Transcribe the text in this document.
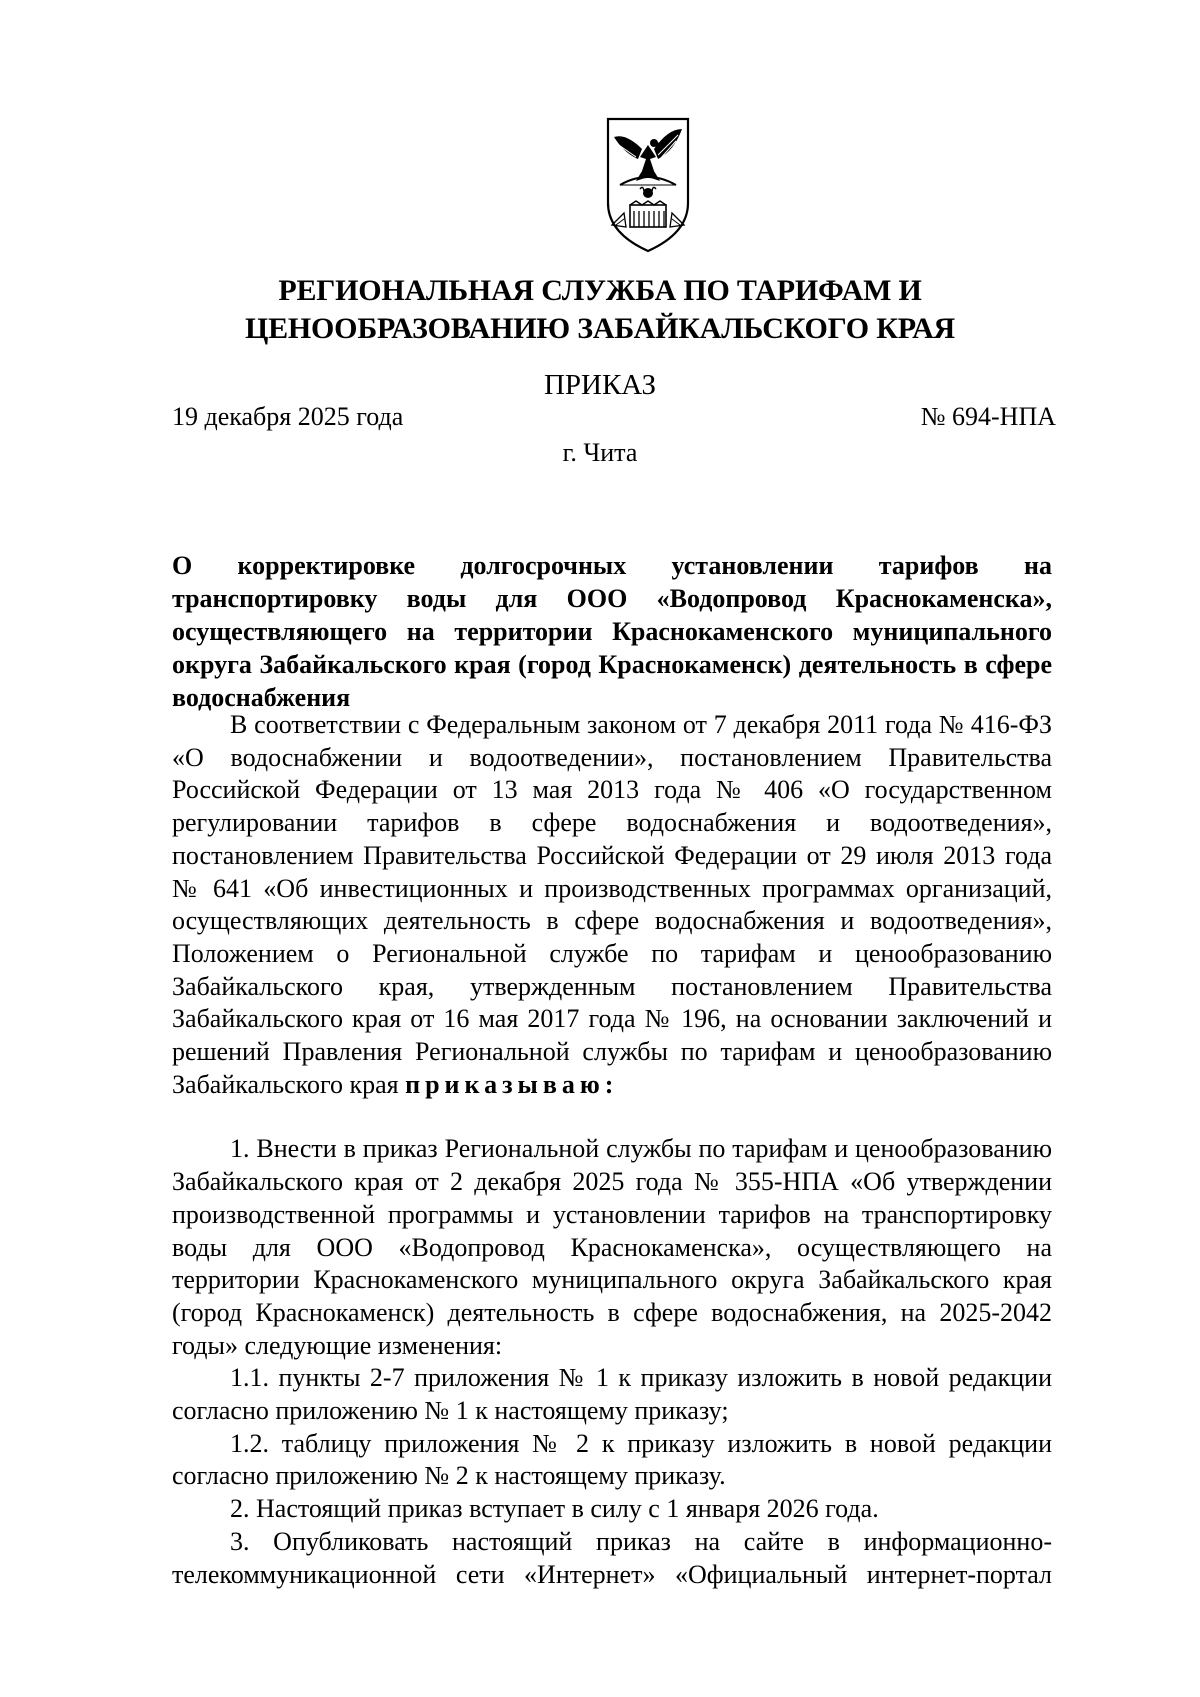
РЕГИОНАЛЬНАЯ СЛУЖБА ПО ТАРИФАМ И
ЦЕНООБРАЗОВАНИЮ ЗАБАЙКАЛЬСКОГО КРАЯ
ПРИКАЗ
19 декабря 2025 года	№ 694-НПА
г. Чита
О корректировке долгосрочных установлении тарифов на транспортировку воды для ООО «Водопровод Краснокаменска», осуществляющего на территории Краснокаменского муниципального округа Забайкальского края (город Краснокаменск) деятельность в сфере водоснабжения

В соответствии с Федеральным законом от 7 декабря 2011 года № 416-ФЗ «О водоснабжении и водоотведении», постановлением Правительства Российской Федерации от 13 мая 2013 года № 406 «О государственном регулировании тарифов в сфере водоснабжения и водоотведения», постановлением Правительства Российской Федерации от 29 июля 2013 года № 641 «Об инвестиционных и производственных программах организаций, осуществляющих деятельность в сфере водоснабжения и водоотведения», Положением о Региональной службе по тарифам и ценообразованию Забайкальского края, утвержденным постановлением Правительства Забайкальского края от 16 мая 2017 года № 196, на основании заключений и решений Правления Региональной службы по тарифам и ценообразованию Забайкальского края приказываю:

1. Внести в приказ Региональной службы по тарифам и ценообразованию Забайкальского края от 2 декабря 2025 года № 355-НПА «Об утверждении производственной программы и установлении тарифов на транспортировку воды для ООО «Водопровод Краснокаменска», осуществляющего на территории Краснокаменского муниципального округа Забайкальского края (город Краснокаменск) деятельность в сфере водоснабжения, на 2025-2042 годы» следующие изменения:

1.1. пункты 2-7 приложения № 1 к приказу изложить в новой редакции согласно приложению № 1 к настоящему приказу;

1.2. таблицу приложения № 2 к приказу изложить в новой редакции согласно приложению № 2 к настоящему приказу.

2. Настоящий приказ вступает в силу с 1 января 2026 года.

3. Опубликовать настоящий приказ на сайте в информационно-телекоммуникационной сети «Интернет» «Официальный интернет-портал
